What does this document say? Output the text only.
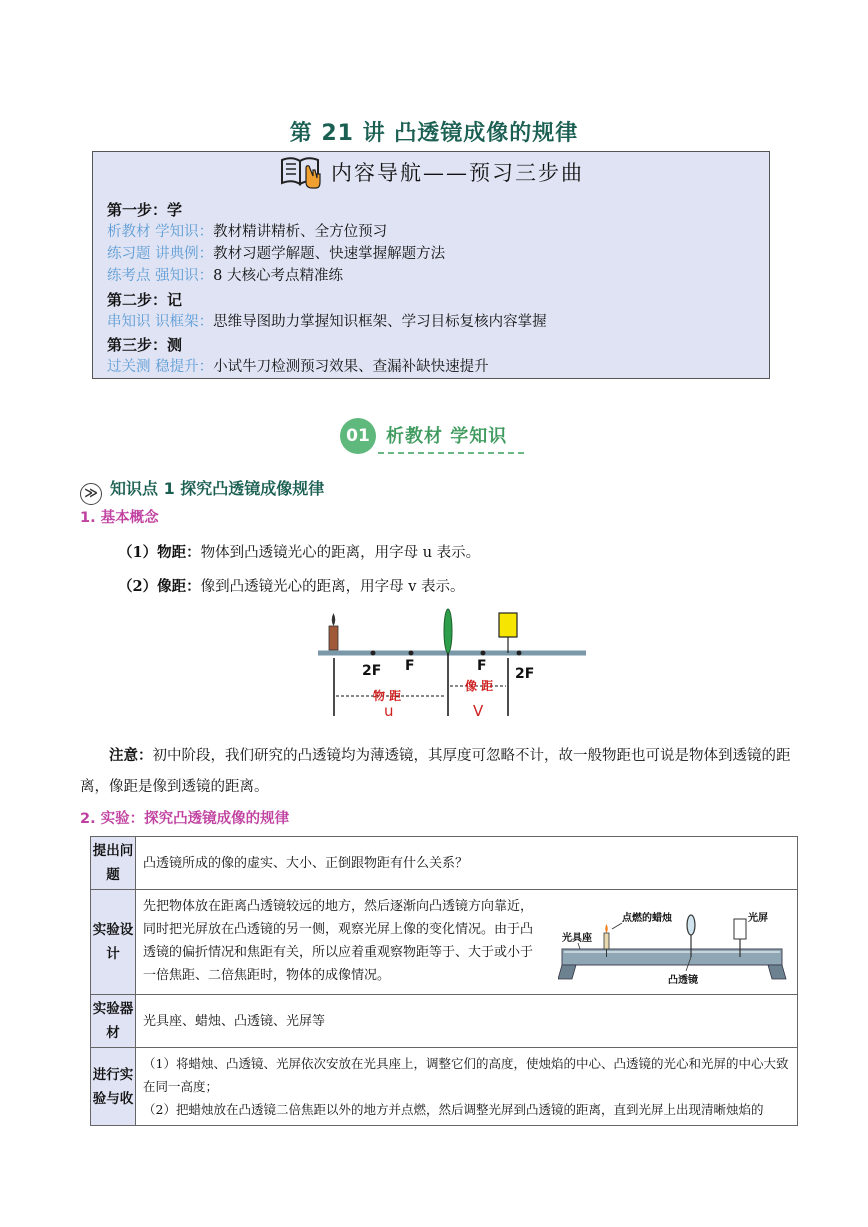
第 21 讲 凸透镜成像的规律
内容导航——预习三步曲
第一步：学
析教材 学知识：教材精讲精析、全方位预习
练习题 讲典例：教材习题学解题、快速掌握解题方法
练考点 强知识：8 大核心考点精准练
第二步：记
串知识 识框架：思维导图助力掌握知识框架、学习目标复核内容掌握
第三步：测
过关测 稳提升：小试牛刀检测预习效果、查漏补缺快速提升
01 析教材 学知识
≫ 知识点 1 探究凸透镜成像规律
1. 基本概念
（1）物距：物体到凸透镜光心的距离，用字母 u 表示。
（2）像距：像到凸透镜光心的距离，用字母 v 表示。
2F F	F 2F
物 距
像 距
u	V
注意：初中阶段，我们研究的凸透镜均为薄透镜，其厚度可忽略不计，故一般物距也可说是物体到透镜的距离，像距是像到透镜的距离。
2. 实验：探究凸透镜成像的规律
提出问题	凸透镜所成的像的虚实、大小、正倒跟物距有什么关系？
实验设计	先把物体放在距离凸透镜较远的地方，然后逐渐向凸透镜方向靠近，同时把光屏放在凸透镜的另一侧，观察光屏上像的变化情况。由于凸透镜的偏折情况和焦距有关，所以应着重观察物距等于、大于或小于一倍焦距、二倍焦距时，物体的成像情况。
点燃的蜡烛 光屏
光具座
凸透镜

实验器材	光具座、蜡烛、凸透镜、光屏等
进行实验与收	（1）将蜡烛、凸透镜、光屏依次安放在光具座上，调整它们的高度，使烛焰的中心、凸透镜的光心和光屏的中心大致在同一高度；
（2）把蜡烛放在凸透镜二倍焦距以外的地方并点燃，然后调整光屏到凸透镜的距离，直到光屏上出现清晰烛焰的
